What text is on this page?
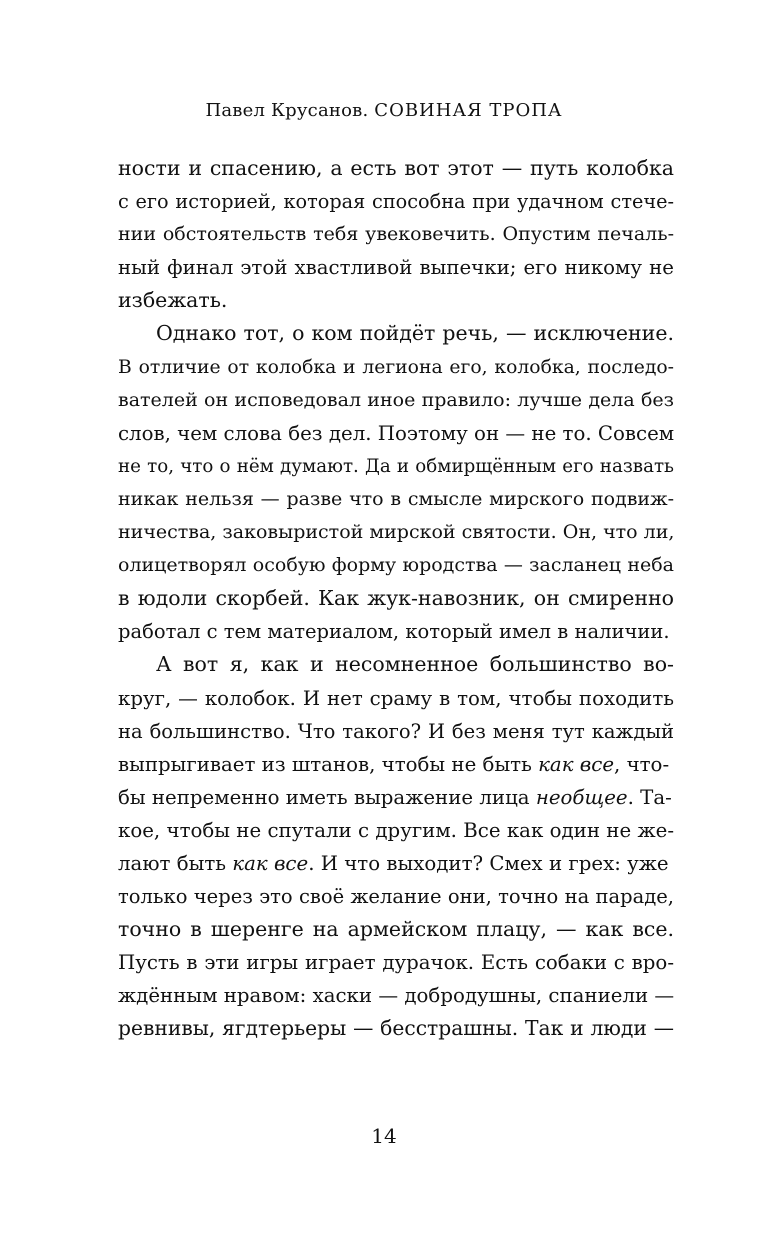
Павел Крусанов. СОВИНАЯ ТРОПА
ности и спасению, а есть вот этот — путь колобка
с его историей, которая способна при удачном стече-
нии обстоятельств тебя увековечить. Опустим печаль-
ный финал этой хвастливой выпечки; его никому не
избежать.
Однако тот, о ком пойдёт речь, — исключение.
В отличие от колобка и легиона его, колобка, последо-
вателей он исповедовал иное правило: лучше дела без
слов, чем слова без дел. Поэтому он — не то. Совсем
не то, что о нём думают. Да и обмирщённым его назвать
никак нельзя — разве что в смысле мирского подвиж-
ничества, заковыристой мирской святости. Он, что ли,
олицетворял особую форму юродства — засланец неба
в юдоли скорбей. Как жук-навозник, он смиренно
работал с тем материалом, который имел в наличии.
А вот я, как и несомненное большинство во-
круг, — колобок. И нет сраму в том, чтобы походить
на большинство. Что такого? И без меня тут каждый
выпрыгивает из штанов, чтобы не быть как все, что-
бы непременно иметь выражение лица необщее. Та-
кое, чтобы не спутали с другим. Все как один не же-
лают быть как все. И что выходит? Смех и грех: уже
только через это своё желание они, точно на параде,
точно в шеренге на армейском плацу, — как все.
Пусть в эти игры играет дурачок. Есть собаки с вро-
ждённым нравом: хаски — добродушны, спаниели —
ревнивы, ягдтерьеры — бесстрашны. Так и люди —
14
